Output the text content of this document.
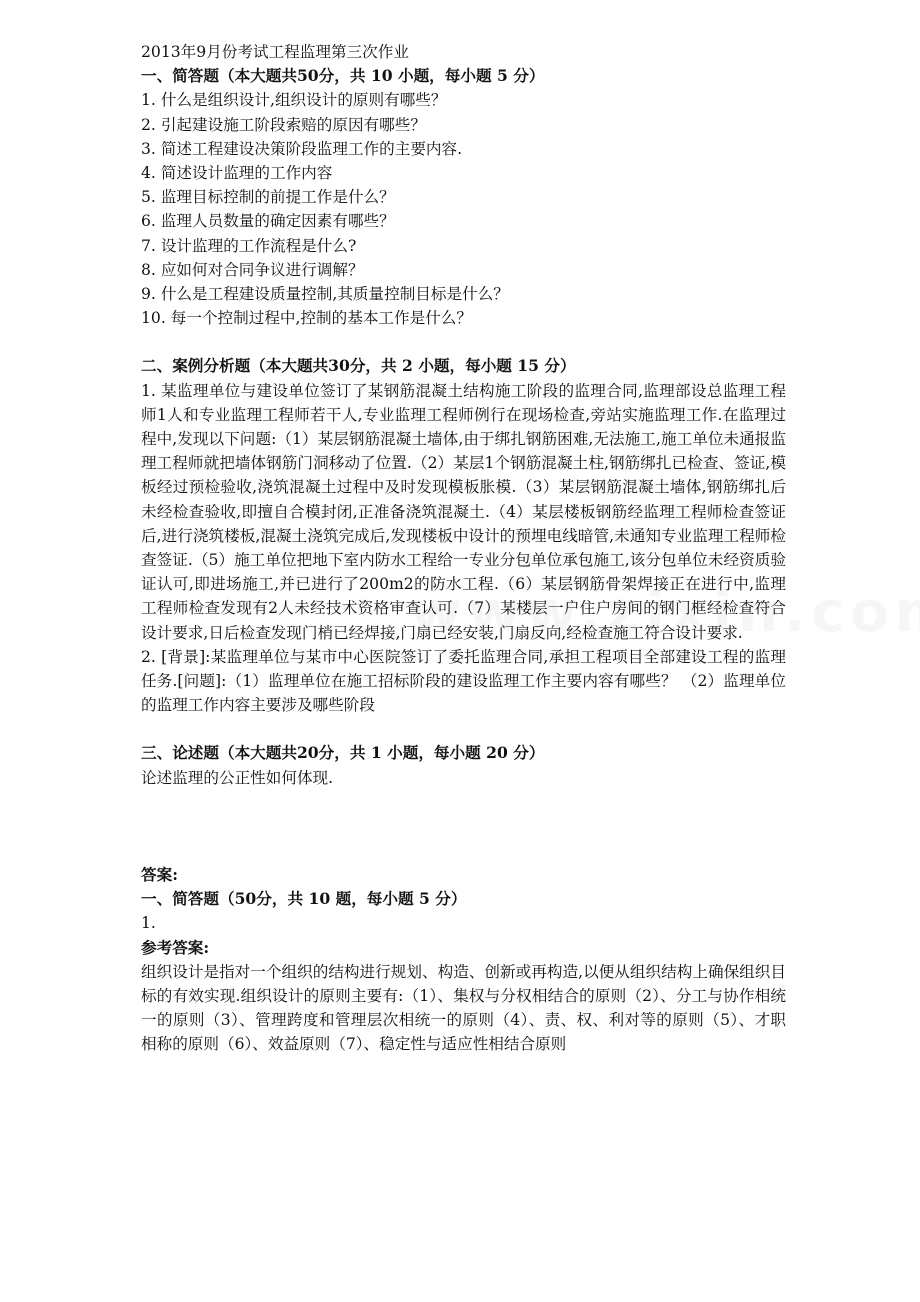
2013年9月份考试工程监理第三次作业

一、简答题（本大题共50分，共 10 小题，每小题 5 分）

1. 什么是组织设计,组织设计的原则有哪些？

2. 引起建设施工阶段索赔的原因有哪些？

3. 简述工程建设决策阶段监理工作的主要内容.

4. 简述设计监理的工作内容

5. 监理目标控制的前提工作是什么？

6. 监理人员数量的确定因素有哪些？

7. 设计监理的工作流程是什么?

8. 应如何对合同争议进行调解？

9. 什么是工程建设质量控制,其质量控制目标是什么？

10. 每一个控制过程中,控制的基本工作是什么？

二、案例分析题（本大题共30分，共 2 小题，每小题 15 分）

1. 某监理单位与建设单位签订了某钢筋混凝土结构施工阶段的监理合同,监理部设总监理工程师1人和专业监理工程师若干人,专业监理工程师例行在现场检查,旁站实施监理工作.在监理过程中,发现以下问题:（1）某层钢筋混凝土墙体,由于绑扎钢筋困难,无法施工,施工单位未通报监理工程师就把墙体钢筋门洞移动了位置.（2）某层1个钢筋混凝土柱,钢筋绑扎已检查、签证,模板经过预检验收,浇筑混凝土过程中及时发现模板胀模.（3）某层钢筋混凝土墙体,钢筋绑扎后未经检查验收,即擅自合模封闭,正准备浇筑混凝土.（4）某层楼板钢筋经监理工程师检查签证后,进行浇筑楼板,混凝土浇筑完成后,发现楼板中设计的预埋电线暗管,未通知专业监理工程师检查签证.（5）施工单位把地下室内防水工程给一专业分包单位承包施工,该分包单位未经资质验证认可,即进场施工,并已进行了200m2的防水工程.（6）某层钢筋骨架焊接正在进行中,监理工程师检查发现有2人未经技术资格审查认可.（7）某楼层一户住户房间的钢门框经检查符合设计要求,日后检查发现门梢已经焊接,门扇已经安装,门扇反向,经检查施工符合设计要求.

2. [背景]:某监理单位与某市中心医院签订了委托监理合同,承担工程项目全部建设工程的监理任务.[问题]:（1）监理单位在施工招标阶段的建设监理工作主要内容有哪些？ （2）监理单位的监理工作内容主要涉及哪些阶段

三、论述题（本大题共20分，共 1 小题，每小题 20 分）

论述监理的公正性如何体现.

答案:

一、简答题（50分，共 10 题，每小题 5 分）

1.

参考答案:

组织设计是指对一个组织的结构进行规划、构造、创新或再构造,以便从组织结构上确保组织目标的有效实现.组织设计的原则主要有:（1）、集权与分权相结合的原则（2）、分工与协作相统一的原则（3）、管理跨度和管理层次相统一的原则（4）、责、权、利对等的原则（5）、才职相称的原则（6）、效益原则（7）、稳定性与适应性相结合原则
